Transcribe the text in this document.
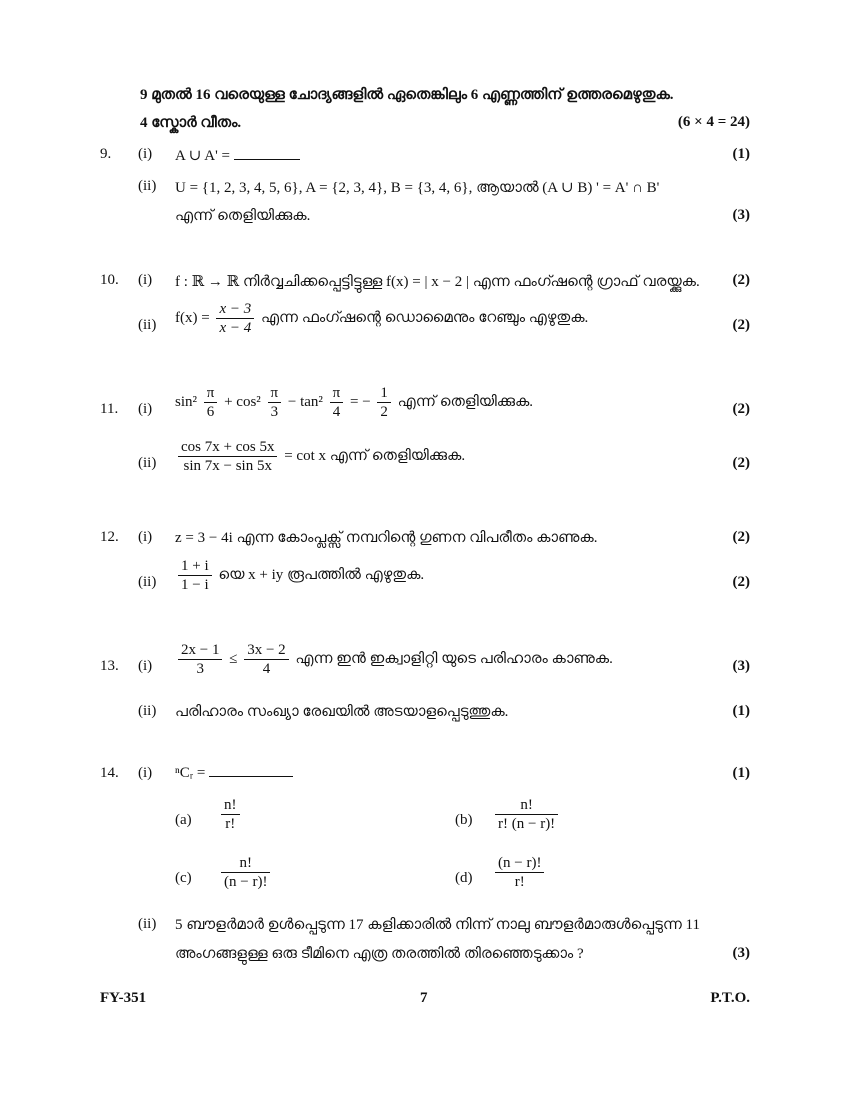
9 മുതൽ 16 വരെയുള്ള ചോദ്യങ്ങളിൽ ഏതെങ്കിലും 6 എണ്ണത്തിന് ഉത്തരമെഴുതുക.
4 സ്കോർ വീതം.	(6 × 4 = 24)
9. (i) A ∪ A' =	(1)
(ii) U = {1, 2, 3, 4, 5, 6}, A = {2, 3, 4}, B = {3, 4, 6}, ആയാൽ (A ∪ B) ' = A' ∩ B'
എന്ന് തെളിയിക്കുക.	(3)
10. (i) f : ℝ → ℝ നിർവ്വചിക്കപ്പെട്ടിട്ടുള്ള f(x) = | x − 2 | എന്ന ഫംഗ്ഷന്റെ ഗ്രാഫ് വരയ്ക്കുക. (2)
(ii) $f(x) = \frac{x - 3}{x - 4}$ എന്ന ഫംഗ്ഷന്റെ ഡൊമൈനും റേഞ്ചും എഴുതുക.	(2)
11. (i) $\sin^2 \frac{\pi}{6} + \cos^2 \frac{\pi}{3} - \tan^2 \frac{\pi}{4}$ = − $\frac{1}{2}$ എന്ന് തെളിയിക്കുക.	(2)
$(ii) \frac{\cos 7x + \cos 5x}{\sin 7x - \sin 5x} = \cot x$ എന്ന് തെളിയിക്കുക.	(2)
12. (i) z = 3 − 4i എന്ന കോംപ്ലക്സ് നമ്പറിന്റെ ഗുണന വിപരീതം കാണുക.	(2)
$(ii) \frac{1 + i}{1 - i}$ യെ x + iy രൂപത്തിൽ എഴുതുക.	(2)
13. $(i) \frac{2x - 1}{3} \le \frac{3x - 2}{4}$ എന്ന ഇൻ ഇക്വാളിറ്റി യുടെ പരിഹാരം കാണുക.	(3)
(ii) പരിഹാരം സംഖ്യാ രേഖയിൽ അടയാളപ്പെടുത്തുക.	(1)
14. (i) ⁿCᵣ =	(1)
$(a) \frac{n!}{r!}$	$(b) \frac{n!}{r! (n - r)!}$
$(c) \frac{n!}{(n - r)!}$	$(d) \frac{(n - r)!}{r!}$
(ii) 5 ബൗളർമാർ ഉൾപ്പെടുന്ന 17 കളിക്കാരിൽ നിന്ന് നാലു ബൗളർമാരുൾപ്പെടുന്ന 11
അംഗങ്ങളുള്ള ഒരു ടീമിനെ എത്ര തരത്തിൽ തിരഞ്ഞെടുക്കാം ?	(3)
FY-351	7	P.T.O.
